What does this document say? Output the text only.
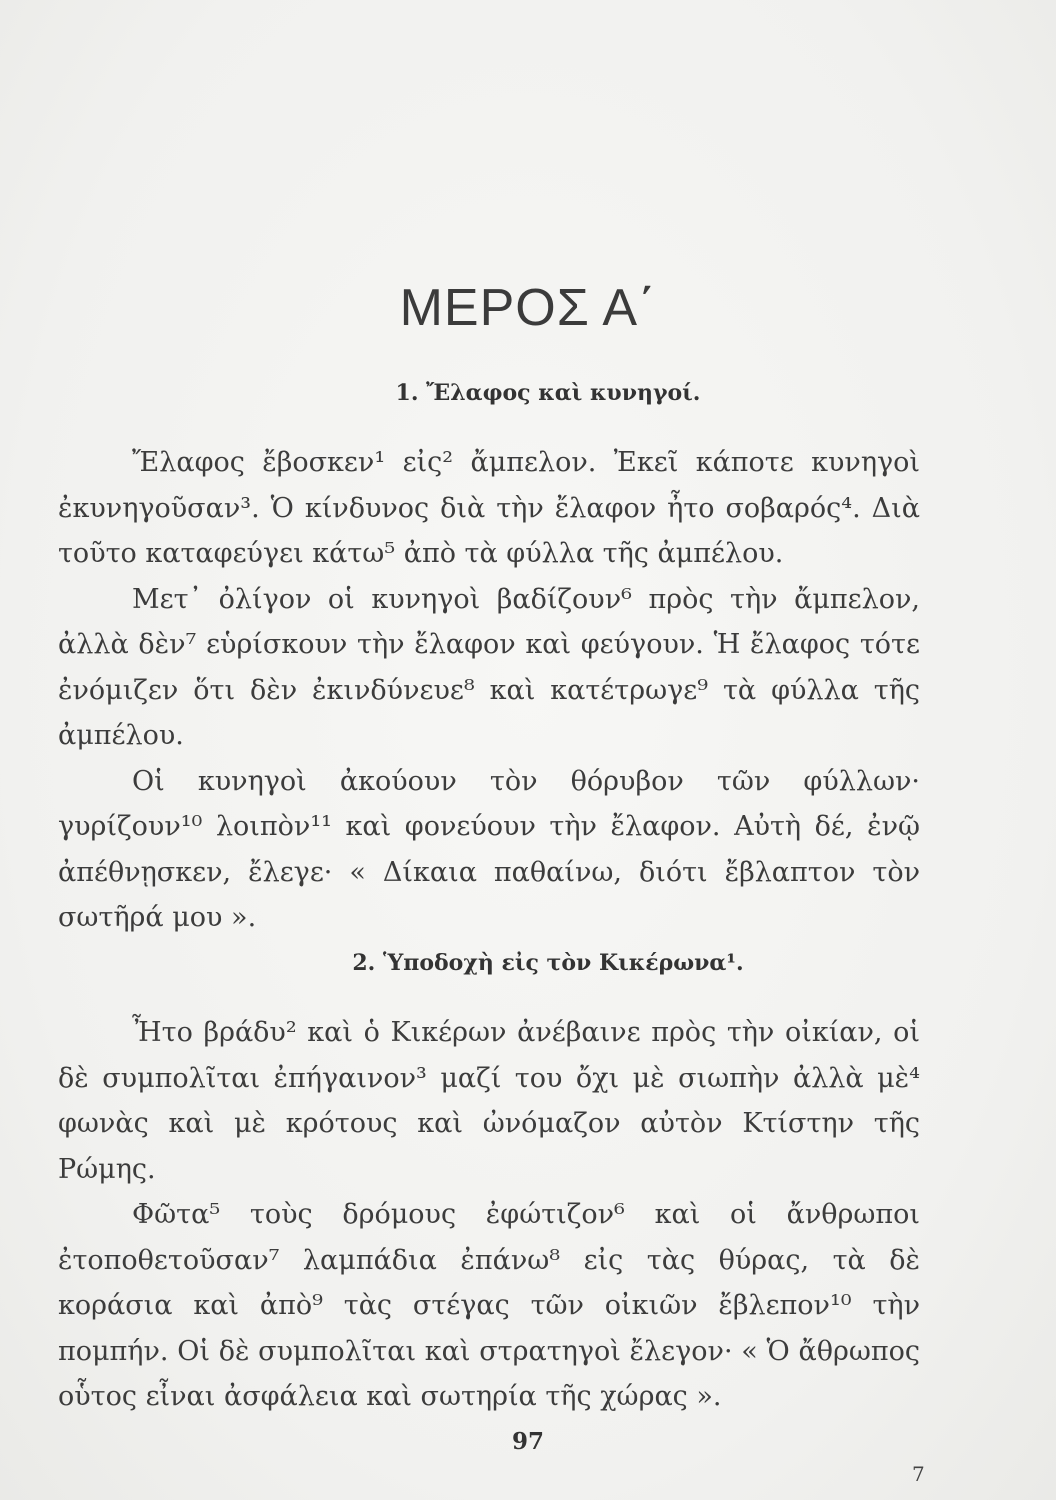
ΜΕΡΟΣ Α΄
1. Ἔλαφος καὶ κυνηγοί.

Ἔλαφος ἔβοσκεν¹ εἰς² ἄμπελον. Ἐκεῖ κάποτε κυνηγοὶ ἐκυνηγοῦσαν³. Ὁ κίνδυνος διὰ τὴν ἔλαφον ἦτο σοβαρός⁴. Διὰ τοῦτο καταφεύγει κάτω⁵ ἀπὸ τὰ φύλλα τῆς ἀμπέλου.

Μετ᾿ ὀλίγον οἱ κυνηγοὶ βαδίζουν⁶ πρὸς τὴν ἄμπελον, ἀλλὰ δὲν⁷ εὑρίσκουν τὴν ἔλαφον καὶ φεύγουν. Ἡ ἔλαφος τότε ἐνόμιζεν ὅτι δὲν ἐκινδύνευε⁸ καὶ κατέτρωγε⁹ τὰ φύλλα τῆς ἀμπέλου.

Οἱ κυνηγοὶ ἀκούουν τὸν θόρυβον τῶν φύλλων· γυρίζουν¹⁰ λοιπὸν¹¹ καὶ φονεύουν τὴν ἔλαφον. Αὐτὴ δέ, ἐνῷ ἀπέθνῃσκεν, ἔλεγε· « Δίκαια παθαίνω, διότι ἔβλαπτον τὸν σωτῆρά μου ».

2. Ὑποδοχὴ εἰς τὸν Κικέρωνα¹.

Ἦτο βράδυ² καὶ ὁ Κικέρων ἀνέβαινε πρὸς τὴν οἰκίαν, οἱ δὲ συμπολῖται ἐπήγαινον³ μαζί του ὄχι μὲ σιωπὴν ἀλλὰ μὲ⁴ φωνὰς καὶ μὲ κρότους καὶ ὠνόμαζον αὐτὸν Κτίστην τῆς Ρώμης.

Φῶτα⁵ τοὺς δρόμους ἐφώτιζον⁶ καὶ οἱ ἄνθρωποι ἐτοποθετοῦσαν⁷ λαμπάδια ἐπάνω⁸ εἰς τὰς θύρας, τὰ δὲ κοράσια καὶ ἀπὸ⁹ τὰς στέγας τῶν οἰκιῶν ἔβλεπον¹⁰ τὴν πομπήν. Οἱ δὲ συμπολῖται καὶ στρατηγοὶ ἔλεγον· « Ὁ ἄθρωπος οὗτος εἶναι ἀσφάλεια καὶ σωτηρία τῆς χώρας ».

97
7
